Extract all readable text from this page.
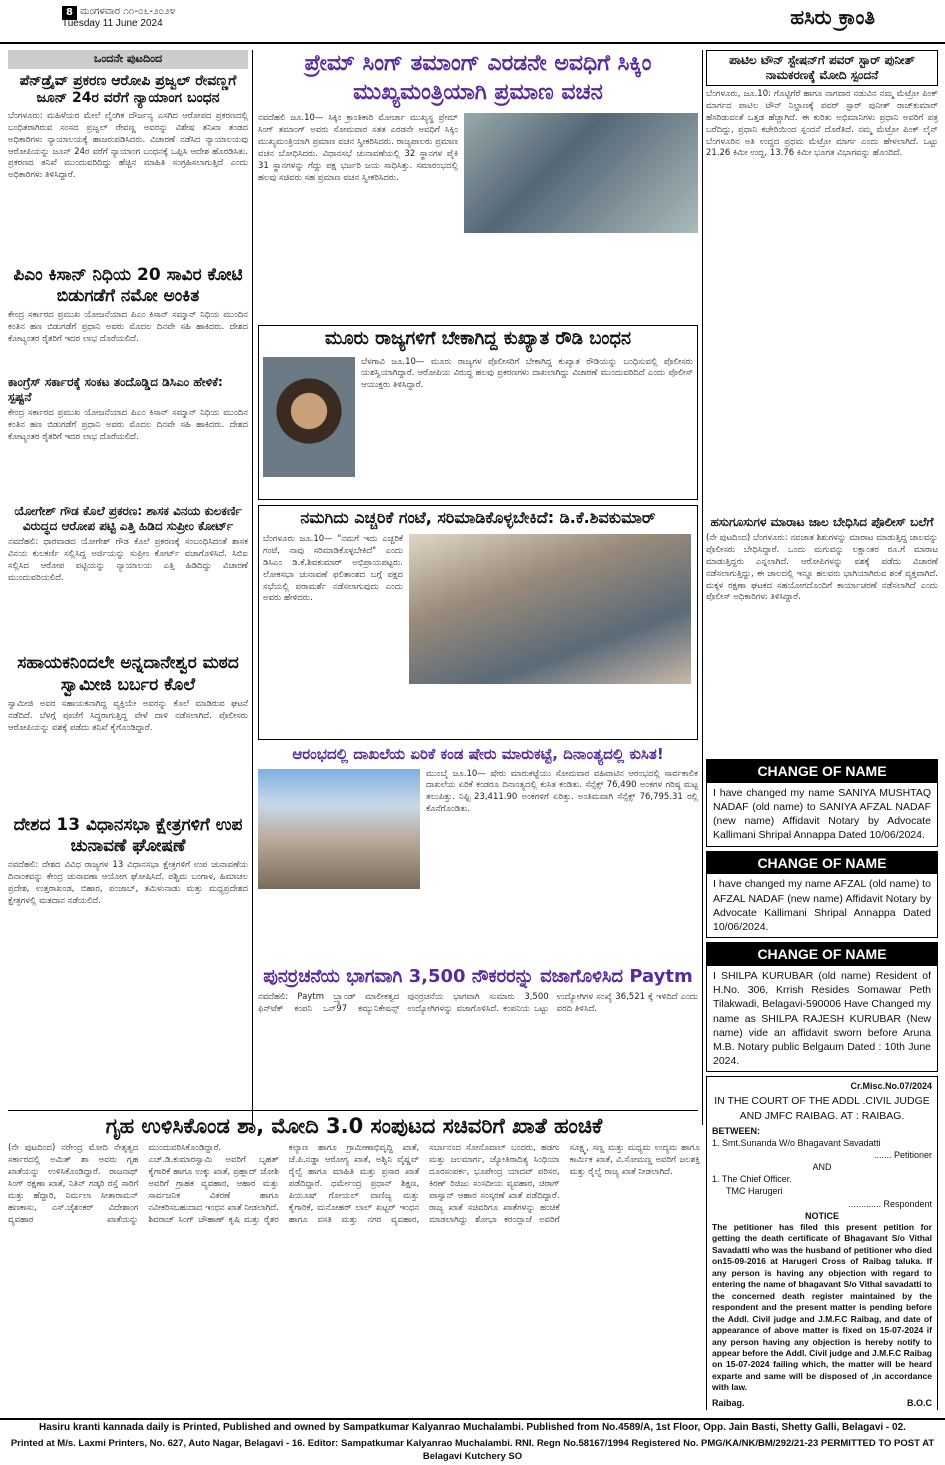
8 ಮಂಗಳವಾರ ೧೧-೦೬-೨೦೨೪
Tuesday 11 June 2024	ಹಸಿರು ಕ್ರಾಂತಿ
ಒಂದನೇ ಪುಟದಿಂದ
ಪೆನ್‌ಡ್ರೈವ್ ಪ್ರಕರಣ ಆರೋಪಿ ಪ್ರಜ್ವಲ್ ರೇವಣ್ಣಗೆ ಜೂನ್ 24ರ ವರೆಗೆ ನ್ಯಾಯಾಂಗ ಬಂಧನ
ಬೆಂಗಳೂರು: ಮಹಿಳೆಯರ ಮೇಲೆ ಲೈಂಗಿಕ ದೌರ್ಜನ್ಯ ಎಸಗಿದ ಆರೋಪದ ಪ್ರಕರಣದಲ್ಲಿ ಬಂಧಿತರಾಗಿರುವ ಸಂಸದ ಪ್ರಜ್ವಲ್ ರೇವಣ್ಣ ಅವರನ್ನು ವಿಶೇಷ ತನಿಖಾ ತಂಡದ ಅಧಿಕಾರಿಗಳು ನ್ಯಾಯಾಲಯಕ್ಕೆ ಹಾಜರುಪಡಿಸಿದರು. ವಿಚಾರಣೆ ನಡೆಸಿದ ನ್ಯಾಯಾಲಯವು ಆರೋಪಿಯನ್ನು ಜೂನ್ 24ರ ವರೆಗೆ ನ್ಯಾಯಾಂಗ ಬಂಧನಕ್ಕೆ ಒಪ್ಪಿಸಿ ಆದೇಶ ಹೊರಡಿಸಿತು. ಪ್ರಕರಣದ ತನಿಖೆ ಮುಂದುವರಿದಿದ್ದು ಹೆಚ್ಚಿನ ಮಾಹಿತಿ ಸಂಗ್ರಹಿಸಲಾಗುತ್ತಿದೆ ಎಂದು ಅಧಿಕಾರಿಗಳು ತಿಳಿಸಿದ್ದಾರೆ.
ಪಿಎಂ ಕಿಸಾನ್ ನಿಧಿಯ 20 ಸಾವಿರ ಕೋಟಿ ಬಿಡುಗಡೆಗೆ ನಮೋ ಅಂಕಿತ
ಕೇಂದ್ರ ಸರ್ಕಾರದ ಪ್ರಮುಖ ಯೋಜನೆಯಾದ ಪಿಎಂ ಕಿಸಾನ್ ಸಮ್ಮಾನ್ ನಿಧಿಯ ಮುಂದಿನ ಕಂತಿನ ಹಣ ಬಿಡುಗಡೆಗೆ ಪ್ರಧಾನಿ ಅವರು ಮೊದಲ ದಿನವೇ ಸಹಿ ಹಾಕಿದರು. ದೇಶದ ಕೋಟ್ಯಂತರ ರೈತರಿಗೆ ಇದರ ಲಾಭ ದೊರೆಯಲಿದೆ.
ಕಾಂಗ್ರೆಸ್ ಸರ್ಕಾರಕ್ಕೆ ಸಂಕಟ ತಂದೊಡ್ಡಿದ ಡಿಸಿಎಂ ಹೇಳಿಕೆ: ಸ್ಪಷ್ಟನೆ
ಕೇಂದ್ರ ಸರ್ಕಾರದ ಪ್ರಮುಖ ಯೋಜನೆಯಾದ ಪಿಎಂ ಕಿಸಾನ್ ಸಮ್ಮಾನ್ ನಿಧಿಯ ಮುಂದಿನ ಕಂತಿನ ಹಣ ಬಿಡುಗಡೆಗೆ ಪ್ರಧಾನಿ ಅವರು ಮೊದಲ ದಿನವೇ ಸಹಿ ಹಾಕಿದರು. ದೇಶದ ಕೋಟ್ಯಂತರ ರೈತರಿಗೆ ಇದರ ಲಾಭ ದೊರೆಯಲಿದೆ.
ಯೋಗೇಶ್ ಗೌಡ ಕೊಲೆ ಪ್ರಕರಣ: ಶಾಸಕ ವಿನಯ ಕುಲಕರ್ಣಿ ವಿರುದ್ಧದ ಆರೋಪ ಪಟ್ಟಿ ಎತ್ತಿ ಹಿಡಿದ ಸುಪ್ರೀಂ ಕೋರ್ಟ್
ನವದೆಹಲಿ: ಧಾರವಾಡದ ಯೋಗೇಶ್ ಗೌಡ ಕೊಲೆ ಪ್ರಕರಣಕ್ಕೆ ಸಂಬಂಧಿಸಿದಂತೆ ಶಾಸಕ ವಿನಯ ಕುಲಕರ್ಣಿ ಸಲ್ಲಿಸಿದ್ದ ಅರ್ಜಿಯನ್ನು ಸುಪ್ರೀಂ ಕೋರ್ಟ್ ವಜಾಗೊಳಿಸಿದೆ. ಸಿಬಿಐ ಸಲ್ಲಿಸಿದ ಆರೋಪ ಪಟ್ಟಿಯನ್ನು ನ್ಯಾಯಾಲಯ ಎತ್ತಿ ಹಿಡಿದಿದ್ದು ವಿಚಾರಣೆ ಮುಂದುವರಿಯಲಿದೆ.
ಸಹಾಯಕನಿಂದಲೇ ಅನ್ನದಾನೇಶ್ವರ ಮಠದ ಸ್ವಾಮೀಜಿ ಬರ್ಬರ ಕೊಲೆ
ಸ್ವಾಮೀಜಿ ಅವರ ಸಹಾಯಕನಾಗಿದ್ದ ವ್ಯಕ್ತಿಯೇ ಅವರನ್ನು ಕೊಲೆ ಮಾಡಿರುವ ಘಟನೆ ನಡೆದಿದೆ. ಬೆಳಗ್ಗೆ ಪೂಜೆಗೆ ಸಿದ್ಧರಾಗುತ್ತಿದ್ದ ವೇಳೆ ದಾಳಿ ನಡೆಸಲಾಗಿದೆ. ಪೊಲೀಸರು ಆರೋಪಿಯನ್ನು ವಶಕ್ಕೆ ಪಡೆದು ತನಿಖೆ ಕೈಗೊಂಡಿದ್ದಾರೆ.
ದೇಶದ 13 ವಿಧಾನಸಭಾ ಕ್ಷೇತ್ರಗಳಿಗೆ ಉಪ ಚುನಾವಣೆ ಘೋಷಣೆ
ನವದೆಹಲಿ: ದೇಶದ ವಿವಿಧ ರಾಜ್ಯಗಳ 13 ವಿಧಾನಸಭಾ ಕ್ಷೇತ್ರಗಳಿಗೆ ಉಪ ಚುನಾವಣೆಯ ದಿನಾಂಕವನ್ನು ಕೇಂದ್ರ ಚುನಾವಣಾ ಆಯೋಗ ಘೋಷಿಸಿದೆ. ಪಶ್ಚಿಮ ಬಂಗಾಳ, ಹಿಮಾಚಲ ಪ್ರದೇಶ, ಉತ್ತರಾಖಂಡ, ಬಿಹಾರ, ಪಂಜಾಬ್, ತಮಿಳುನಾಡು ಮತ್ತು ಮಧ್ಯಪ್ರದೇಶದ ಕ್ಷೇತ್ರಗಳಲ್ಲಿ ಮತದಾನ ನಡೆಯಲಿದೆ.
ಪ್ರೇಮ್ ಸಿಂಗ್ ತಮಾಂಗ್ ಎರಡನೇ ಅವಧಿಗೆ ಸಿಕ್ಕಿಂ ಮುಖ್ಯಮಂತ್ರಿಯಾಗಿ ಪ್ರಮಾಣ ವಚನ
ನವದೆಹಲಿ ಜೂ.10— ಸಿಕ್ಕಿಂ ಕ್ರಾಂತಿಕಾರಿ ಮೋರ್ಚಾ ಮುಖ್ಯಸ್ಥ ಪ್ರೇಮ್ ಸಿಂಗ್ ತಮಾಂಗ್ ಅವರು ಸೋಮವಾರ ಸತತ ಎರಡನೇ ಅವಧಿಗೆ ಸಿಕ್ಕಿಂ ಮುಖ್ಯಮಂತ್ರಿಯಾಗಿ ಪ್ರಮಾಣ ವಚನ ಸ್ವೀಕರಿಸಿದರು. ರಾಜ್ಯಪಾಲರು ಪ್ರಮಾಣ ವಚನ ಬೋಧಿಸಿದರು. ವಿಧಾನಸಭೆ ಚುನಾವಣೆಯಲ್ಲಿ 32 ಸ್ಥಾನಗಳ ಪೈಕಿ 31 ಸ್ಥಾನಗಳನ್ನು ಗೆದ್ದು ಪಕ್ಷ ಭರ್ಜರಿ ಜಯ ಸಾಧಿಸಿತ್ತು. ಸಮಾರಂಭದಲ್ಲಿ ಹಲವು ಸಚಿವರು ಸಹ ಪ್ರಮಾಣ ವಚನ ಸ್ವೀಕರಿಸಿದರು.
ಮೂರು ರಾಜ್ಯಗಳಿಗೆ ಬೇಕಾಗಿದ್ದ ಕುಖ್ಯಾತ ರೌಡಿ ಬಂಧನ
ಬೆಳಗಾವಿ ಜೂ.10— ಮೂರು ರಾಜ್ಯಗಳ ಪೊಲೀಸರಿಗೆ ಬೇಕಾಗಿದ್ದ ಕುಖ್ಯಾತ ರೌಡಿಯನ್ನು ಬಂಧಿಸುವಲ್ಲಿ ಪೊಲೀಸರು ಯಶಸ್ವಿಯಾಗಿದ್ದಾರೆ. ಆರೋಪಿಯ ವಿರುದ್ಧ ಹಲವು ಪ್ರಕರಣಗಳು ದಾಖಲಾಗಿದ್ದು ವಿಚಾರಣೆ ಮುಂದುವರಿದಿದೆ ಎಂದು ಪೊಲೀಸ್ ಆಯುಕ್ತರು ತಿಳಿಸಿದ್ದಾರೆ.
ನಮಗಿದು ಎಚ್ಚರಿಕೆ ಗಂಟೆ, ಸರಿಮಾಡಿಕೊಳ್ಳಬೇಕಿದೆ: ಡಿ.ಕೆ.ಶಿವಕುಮಾರ್
ಬೆಂಗಳೂರು ಜೂ.10— "ನಮಗೆ ಇದು ಎಚ್ಚರಿಕೆ ಗಂಟೆ, ನಾವು ಸರಿಮಾಡಿಕೊಳ್ಳಬೇಕಿದೆ" ಎಂದು ಡಿಸಿಎಂ ಡಿ.ಕೆ.ಶಿವಕುಮಾರ್ ಅಭಿಪ್ರಾಯಪಟ್ಟರು. ಲೋಕಸಭಾ ಚುನಾವಣೆ ಫಲಿತಾಂಶದ ಬಗ್ಗೆ ಪಕ್ಷದ ಸಭೆಯಲ್ಲಿ ಪರಾಮರ್ಶೆ ನಡೆಸಲಾಗುವುದು ಎಂದು ಅವರು ಹೇಳಿದರು.
ಆರಂಭದಲ್ಲಿ ದಾಖಲೆಯ ಏರಿಕೆ ಕಂಡ ಷೇರು ಮಾರುಕಟ್ಟೆ, ದಿನಾಂತ್ಯದಲ್ಲಿ ಕುಸಿತ!
ಮುಂಬೈ ಜೂ.10— ಷೇರು ಮಾರುಕಟ್ಟೆಯು ಸೋಮವಾರ ವಹಿವಾಟಿನ ಆರಂಭದಲ್ಲಿ ಸಾರ್ವಕಾಲಿಕ ದಾಖಲೆಯ ಏರಿಕೆ ಕಂಡರೂ ದಿನಾಂತ್ಯದಲ್ಲಿ ಕುಸಿತ ಕಂಡಿತು. ಸೆನ್ಸೆಕ್ಸ್ 76,490 ಅಂಕಗಳ ಗರಿಷ್ಠ ಮಟ್ಟ ತಲುಪಿತ್ತು. ನಿಫ್ಟಿ 23,411.90 ಅಂಕಗಳಿಗೆ ಏರಿತ್ತು. ಅಂತಿಮವಾಗಿ ಸೆನ್ಸೆಕ್ಸ್ 76,795.31 ರಲ್ಲಿ ಕೊನೆಗೊಂಡಿತು.
ಪುನರ್ರಚನೆಯ ಭಾಗವಾಗಿ 3,500 ನೌಕರರನ್ನು ವಜಾಗೊಳಿಸಿದ Paytm
ನವದೆಹಲಿ: Paytm ಬ್ರ್ಯಾಂಡ್ ಮಾಲೀಕತ್ವದ ಫಿನ್‌ಟೆಕ್ ಕಂಪನಿ ಒನ್97 ಕಮ್ಯುನಿಕೇಷನ್ಸ್ ಪುನರ್ರಚನೆಯ ಭಾಗವಾಗಿ ಸುಮಾರು 3,500 ಉದ್ಯೋಗಿಗಳನ್ನು ವಜಾಗೊಳಿಸಿದೆ. ಕಂಪನಿಯ ಒಟ್ಟು ಉದ್ಯೋಗಿಗಳ ಸಂಖ್ಯೆ 36,521 ಕ್ಕೆ ಇಳಿದಿದೆ ಎಂದು ವರದಿ ತಿಳಿಸಿದೆ.
ಪಾಟಿಲ ಟೌನ್ ಸ್ಟೇಷನ್‌ಗೆ ಪವರ್ ಸ್ಟಾರ್ ಪುನೀತ್ ನಾಮಕರಣಕ್ಕೆ ಮೋದಿ ಸ್ಪಂದನೆ
ಬೆಂಗಳೂರು, ಜೂ.10: ಗೊಟ್ಟಿಗೆರೆ ಹಾಗೂ ನಾಗವಾರ ನಡುವಿನ ನಮ್ಮ ಮೆಟ್ರೋ ಪಿಂಕ್ ಮಾರ್ಗದ ಪಾಟಿಲ ಟೌನ್ ನಿಲ್ದಾಣಕ್ಕೆ ಪವರ್ ಸ್ಟಾರ್ ಪುನೀತ್ ರಾಜ್‌ಕುಮಾರ್ ಹೆಸರಿಡುವಂತೆ ಒತ್ತಡ ಹೆಚ್ಚಾಗಿದೆ. ಈ ಕುರಿತು ಅಭಿಮಾನಿಗಳು ಪ್ರಧಾನಿ ಅವರಿಗೆ ಪತ್ರ ಬರೆದಿದ್ದು, ಪ್ರಧಾನಿ ಕಚೇರಿಯಿಂದ ಸ್ಪಂದನೆ ದೊರೆತಿದೆ. ನಮ್ಮ ಮೆಟ್ರೋ ಪಿಂಕ್ ಲೈನ್ ಬೆಂಗಳೂರಿನ ಅತಿ ಉದ್ದದ ಪ್ರಥಮ ಮೆಟ್ರೋ ಮಾರ್ಗ ಎಂದು ಹೇಳಲಾಗಿದೆ. ಒಟ್ಟು 21.26 ಕಿಮೀ ಉದ್ದ, 13.76 ಕಿಮೀ ಭೂಗತ ವಿಭಾಗವನ್ನು ಹೊಂದಿದೆ.
ಹಸುಗೂಸುಗಳ ಮಾರಾಟ ಜಾಲ ಬೇಧಿಸಿದ ಪೊಲೀಸ್ ಬಲೆಗೆ
(ನೇ ಪುಟದಿಂದ) ಬೆಂಗಳೂರು: ನವಜಾತ ಶಿಶುಗಳನ್ನು ಮಾರಾಟ ಮಾಡುತ್ತಿದ್ದ ಜಾಲವನ್ನು ಪೊಲೀಸರು ಬೇಧಿಸಿದ್ದಾರೆ. ಒಂದು ಮಗುವನ್ನು ಲಕ್ಷಾಂತರ ರೂ.ಗೆ ಮಾರಾಟ ಮಾಡುತ್ತಿದ್ದರು ಎನ್ನಲಾಗಿದೆ. ಆರೋಪಿಗಳನ್ನು ವಶಕ್ಕೆ ಪಡೆದು ವಿಚಾರಣೆ ನಡೆಸಲಾಗುತ್ತಿದ್ದು, ಈ ಜಾಲದಲ್ಲಿ ಇನ್ನೂ ಹಲವರು ಭಾಗಿಯಾಗಿರುವ ಶಂಕೆ ವ್ಯಕ್ತವಾಗಿದೆ. ಮಕ್ಕಳ ರಕ್ಷಣಾ ಘಟಕದ ಸಹಯೋಗದೊಂದಿಗೆ ಕಾರ್ಯಾಚರಣೆ ನಡೆಸಲಾಗಿದೆ ಎಂದು ಪೊಲೀಸ್ ಅಧಿಕಾರಿಗಳು ತಿಳಿಸಿದ್ದಾರೆ.
CHANGE OF NAME
I have changed my name SANIYA MUSHTAQ NADAF (old name) to SANIYA AFZAL NADAF (new name) Affidavit Notary by Advocate Kallimani Shripal Annappa Dated 10/06/2024.
CHANGE OF NAME
I have changed my name AFZAL (old name) to AFZAL NADAF (new name) Affidavit Notary by Advocate Kallimani Shripal Annappa Dated 10/06/2024.
CHANGE OF NAME
I SHILPA KURUBAR (old name) Resident of H.No. 306, Krrish Resides Somawar Peth Tilakwadi, Belagavi-590006 Have Changed my name as SHILPA RAJESH KURUBAR (New name) vide an affidavit sworn before Aruna M.B. Notary public Belgaum Dated : 10th June 2024.
Cr.Misc.No.07/2024
IN THE COURT OF THE ADDL .CIVIL JUDGE AND JMFC RAIBAG. AT : RAIBAG.
BETWEEN:
1. Smt.Sunanda W/o Bhagavant Savadatti
....... Petitioner
AND
1. The Chief Officer.
TMC Harugeri
............. Respondent
NOTICE
The petitioner has filed this present petition for getting the death certificate of Bhagavant S/o Vithal Savadatti who was the husband of petitioner who died on15-09-2016 at Harugeri Cross of Raibag taluka. If any person is having any objection with regard to entering the name of bhagavant S/o Vithal savadatti to the concerned death register maintained by the respondent and the present matter is pending before the Addl. Civil judge and J.M.F.C Raibag, and date of appearance of above matter is fixed on 15-07-2024 if any person having any objection is hereby notify to appear before the Addl. Civil judge and J.M.F.C Raibag on 15-07-2024 failing which, the matter will be heard exparte and same will be disposed of ,in accordance with law.
Raibag.	B.O.C
ಗೃಹ ಉಳಿಸಿಕೊಂಡ ಶಾ, ಮೋದಿ 3.0 ಸಂಪುಟದ ಸಚಿವರಿಗೆ ಖಾತೆ ಹಂಚಿಕೆ
(ನೇ ಪುಟದಿಂದ) ನರೇಂದ್ರ ಮೋದಿ ನೇತೃತ್ವದ ಸರ್ಕಾರದಲ್ಲಿ ಅಮಿತ್ ಶಾ ಅವರು ಗೃಹ ಖಾತೆಯನ್ನು ಉಳಿಸಿಕೊಂಡಿದ್ದಾರೆ. ರಾಜನಾಥ್ ಸಿಂಗ್ ರಕ್ಷಣಾ ಖಾತೆ, ನಿತಿನ್ ಗಡ್ಕರಿ ರಸ್ತೆ ಸಾರಿಗೆ ಮತ್ತು ಹೆದ್ದಾರಿ, ನಿರ್ಮಲಾ ಸೀತಾರಾಮನ್ ಹಣಕಾಸು, ಎಸ್.ಜೈಶಂಕರ್ ವಿದೇಶಾಂಗ ವ್ಯವಹಾರ ಖಾತೆಯನ್ನು ಮುಂದುವರಿಸಿಕೊಂಡಿದ್ದಾರೆ. ಎಚ್.ಡಿ.ಕುಮಾರಸ್ವಾಮಿ ಅವರಿಗೆ ಬೃಹತ್ ಕೈಗಾರಿಕೆ ಹಾಗೂ ಉಕ್ಕು ಖಾತೆ, ಪ್ರಹ್ಲಾದ್ ಜೋಶಿ ಅವರಿಗೆ ಗ್ರಾಹಕ ವ್ಯವಹಾರ, ಆಹಾರ ಮತ್ತು ಸಾರ್ವಜನಿಕ ವಿತರಣೆ ಹಾಗೂ ನವೀಕರಿಸಬಹುದಾದ ಇಂಧನ ಖಾತೆ ನೀಡಲಾಗಿದೆ. ಶಿವರಾಜ್ ಸಿಂಗ್ ಚೌಹಾಣ್ ಕೃಷಿ ಮತ್ತು ರೈತರ ಕಲ್ಯಾಣ ಹಾಗೂ ಗ್ರಾಮೀಣಾಭಿವೃದ್ಧಿ ಖಾತೆ, ಜೆ.ಪಿ.ನಡ್ಡಾ ಆರೋಗ್ಯ ಖಾತೆ, ಅಶ್ವಿನಿ ವೈಷ್ಣವ್ ರೈಲ್ವೆ ಹಾಗೂ ಮಾಹಿತಿ ಮತ್ತು ಪ್ರಸಾರ ಖಾತೆ ಪಡೆದಿದ್ದಾರೆ. ಧರ್ಮೇಂದ್ರ ಪ್ರಧಾನ್ ಶಿಕ್ಷಣ, ಪಿಯೂಷ್ ಗೋಯಲ್ ವಾಣಿಜ್ಯ ಮತ್ತು ಕೈಗಾರಿಕೆ, ಮನೋಹರ್ ಲಾಲ್ ಖಟ್ಟರ್ ಇಂಧನ ಹಾಗೂ ವಸತಿ ಮತ್ತು ನಗರ ವ್ಯವಹಾರ, ಸರ್ಬಾನಂದ ಸೋನೊವಾಲ್ ಬಂದರು, ಹಡಗು ಮತ್ತು ಜಲಮಾರ್ಗ, ಜ್ಯೋತಿರಾದಿತ್ಯ ಸಿಂಧಿಯಾ ದೂರಸಂಪರ್ಕ, ಭೂಪೇಂದ್ರ ಯಾದವ್ ಪರಿಸರ, ಕಿರಣ್ ರಿಜಿಜು ಸಂಸದೀಯ ವ್ಯವಹಾರ, ಚಿರಾಗ್ ಪಾಸ್ವಾನ್ ಆಹಾರ ಸಂಸ್ಕರಣೆ ಖಾತೆ ಪಡೆದಿದ್ದಾರೆ. ರಾಜ್ಯ ಖಾತೆ ಸಚಿವರಿಗೂ ಖಾತೆಗಳನ್ನು ಹಂಚಿಕೆ ಮಾಡಲಾಗಿದ್ದು ಶೋಭಾ ಕರಂದ್ಲಾಜೆ ಅವರಿಗೆ ಸೂಕ್ಷ್ಮ, ಸಣ್ಣ ಮತ್ತು ಮಧ್ಯಮ ಉದ್ಯಮ ಹಾಗೂ ಕಾರ್ಮಿಕ ಖಾತೆ, ವಿ.ಸೋಮಣ್ಣ ಅವರಿಗೆ ಜಲಶಕ್ತಿ ಮತ್ತು ರೈಲ್ವೆ ರಾಜ್ಯ ಖಾತೆ ನೀಡಲಾಗಿದೆ.
Hasiru kranti kannada daily is Printed, Published and owned by Sampatkumar Kalyanrao Muchalambi. Published from No.4589/A, 1st Floor, Opp. Jain Basti, Shetty Galli, Belagavi - 02.
Printed at M/s. Laxmi Printers, No. 627, Auto Nagar, Belagavi - 16. Editor: Sampatkumar Kalyanrao Muchalambi. RNI. Regn No.58167/1994 Registered No. PMG/KA/NK/BM/292/21-23 PERMITTED TO POST AT Belagavi Kutchery SO
